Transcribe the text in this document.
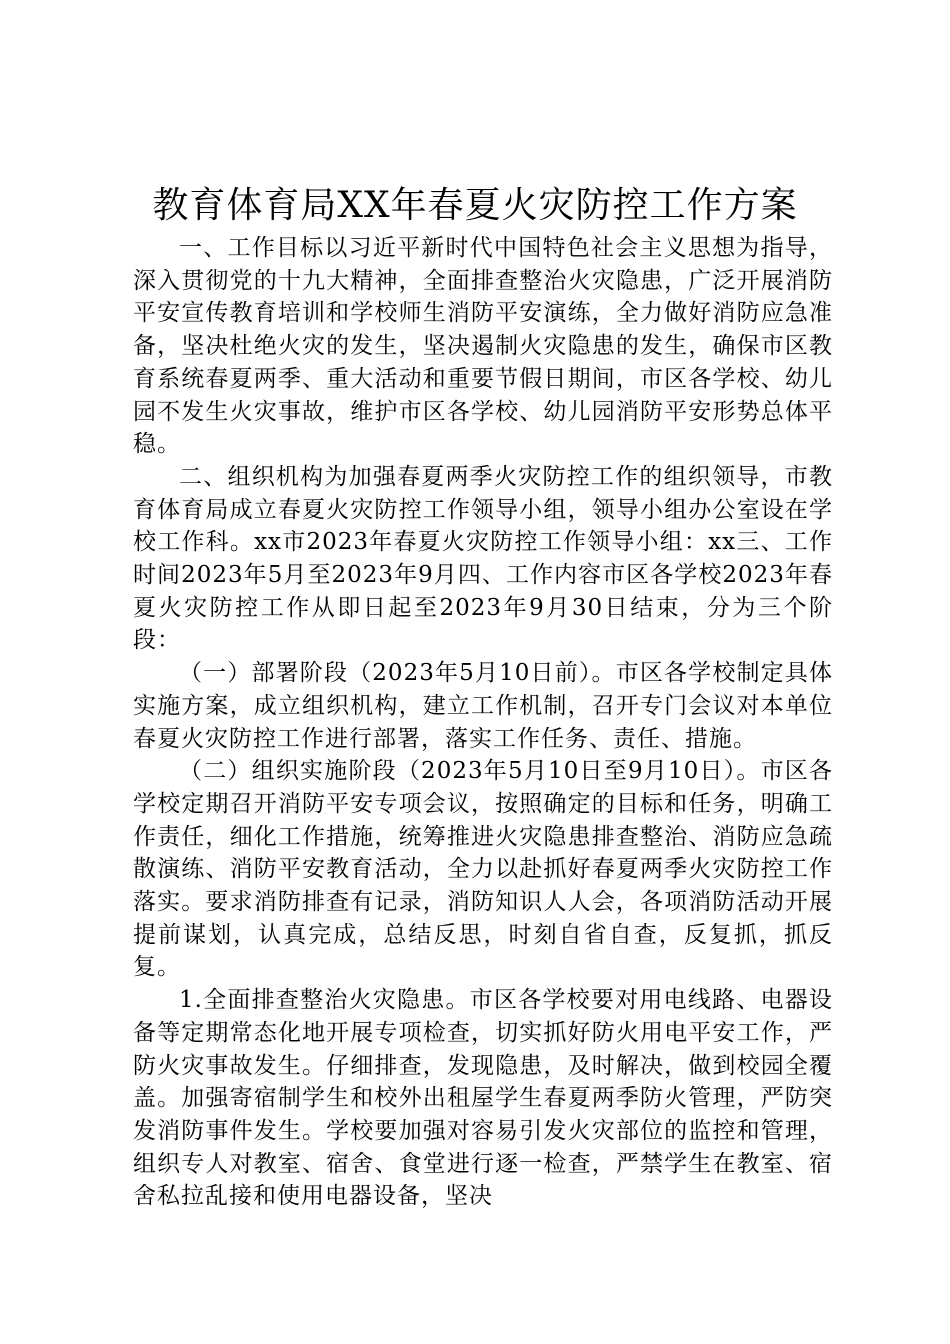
教育体育局XX年春夏火灾防控工作方案

一、工作目标以习近平新时代中国特色社会主义思想为指导，深入贯彻党的十九大精神，全面排查整治火灾隐患，广泛开展消防平安宣传教育培训和学校师生消防平安演练，全力做好消防应急准备，坚决杜绝火灾的发生，坚决遏制火灾隐患的发生，确保市区教育系统春夏两季、重大活动和重要节假日期间，市区各学校、幼儿园不发生火灾事故，维护市区各学校、幼儿园消防平安形势总体平稳。

二、组织机构为加强春夏两季火灾防控工作的组织领导，市教育体育局成立春夏火灾防控工作领导小组，领导小组办公室设在学校工作科。xx市2023年春夏火灾防控工作领导小组：xx三、工作时间2023年5月至2023年9月四、工作内容市区各学校2023年春夏火灾防控工作从即日起至2023年9月30日结束，分为三个阶段：

（一）部署阶段（2023年5月10日前）。市区各学校制定具体实施方案，成立组织机构，建立工作机制，召开专门会议对本单位春夏火灾防控工作进行部署，落实工作任务、责任、措施。

（二）组织实施阶段（2023年5月10日至9月10日）。市区各学校定期召开消防平安专项会议，按照确定的目标和任务，明确工作责任，细化工作措施，统筹推进火灾隐患排查整治、消防应急疏散演练、消防平安教育活动，全力以赴抓好春夏两季火灾防控工作落实。要求消防排查有记录，消防知识人人会，各项消防活动开展提前谋划，认真完成，总结反思，时刻自省自查，反复抓，抓反复。

1.全面排查整治火灾隐患。市区各学校要对用电线路、电器设备等定期常态化地开展专项检查，切实抓好防火用电平安工作，严防火灾事故发生。仔细排查，发现隐患，及时解决，做到校园全覆盖。加强寄宿制学生和校外出租屋学生春夏两季防火管理，严防突发消防事件发生。学校要加强对容易引发火灾部位的监控和管理，组织专人对教室、宿舍、食堂进行逐一检查，严禁学生在教室、宿舍私拉乱接和使用电器设备，坚决
